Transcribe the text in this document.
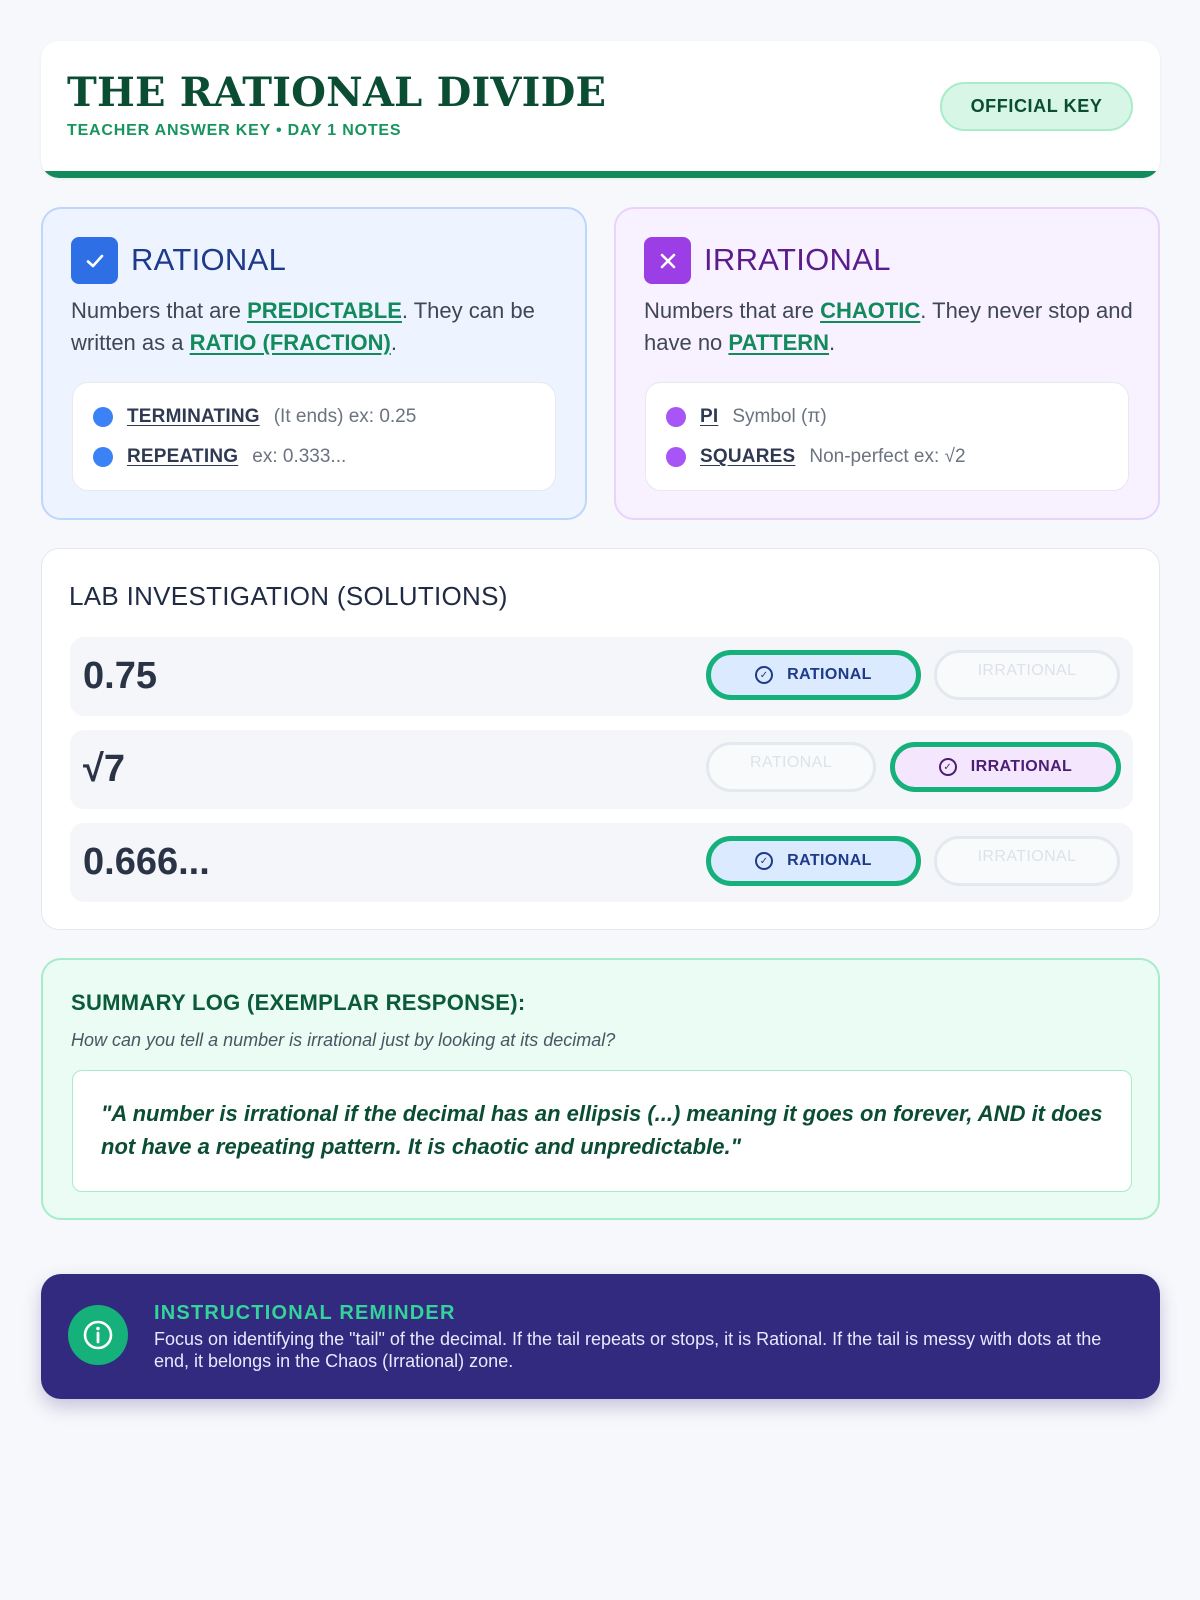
THE RATIONAL DIVIDE
TEACHER ANSWER KEY • DAY 1 NOTES
OFFICIAL KEY
RATIONAL
Numbers that are PREDICTABLE. They can be written as a RATIO (FRACTION).
TERMINATING (It ends) ex: 0.25
REPEATING ex: 0.333...
IRRATIONAL
Numbers that are CHAOTIC. They never stop and have no PATTERN.
PI Symbol (π)
SQUARES Non-perfect ex: √2
LAB INVESTIGATION (SOLUTIONS)
0.75	✓ RATIONAL	IRRATIONAL
√7	RATIONAL	✓ IRRATIONAL
0.666...	✓ RATIONAL	IRRATIONAL
SUMMARY LOG (EXEMPLAR RESPONSE):
How can you tell a number is irrational just by looking at its decimal?
"A number is irrational if the decimal has an ellipsis (...) meaning it goes on forever, AND it does not have a repeating pattern. It is chaotic and unpredictable."
INSTRUCTIONAL REMINDER
Focus on identifying the "tail" of the decimal. If the tail repeats or stops, it is Rational. If the tail is messy with dots at the end, it belongs in the Chaos (Irrational) zone.
